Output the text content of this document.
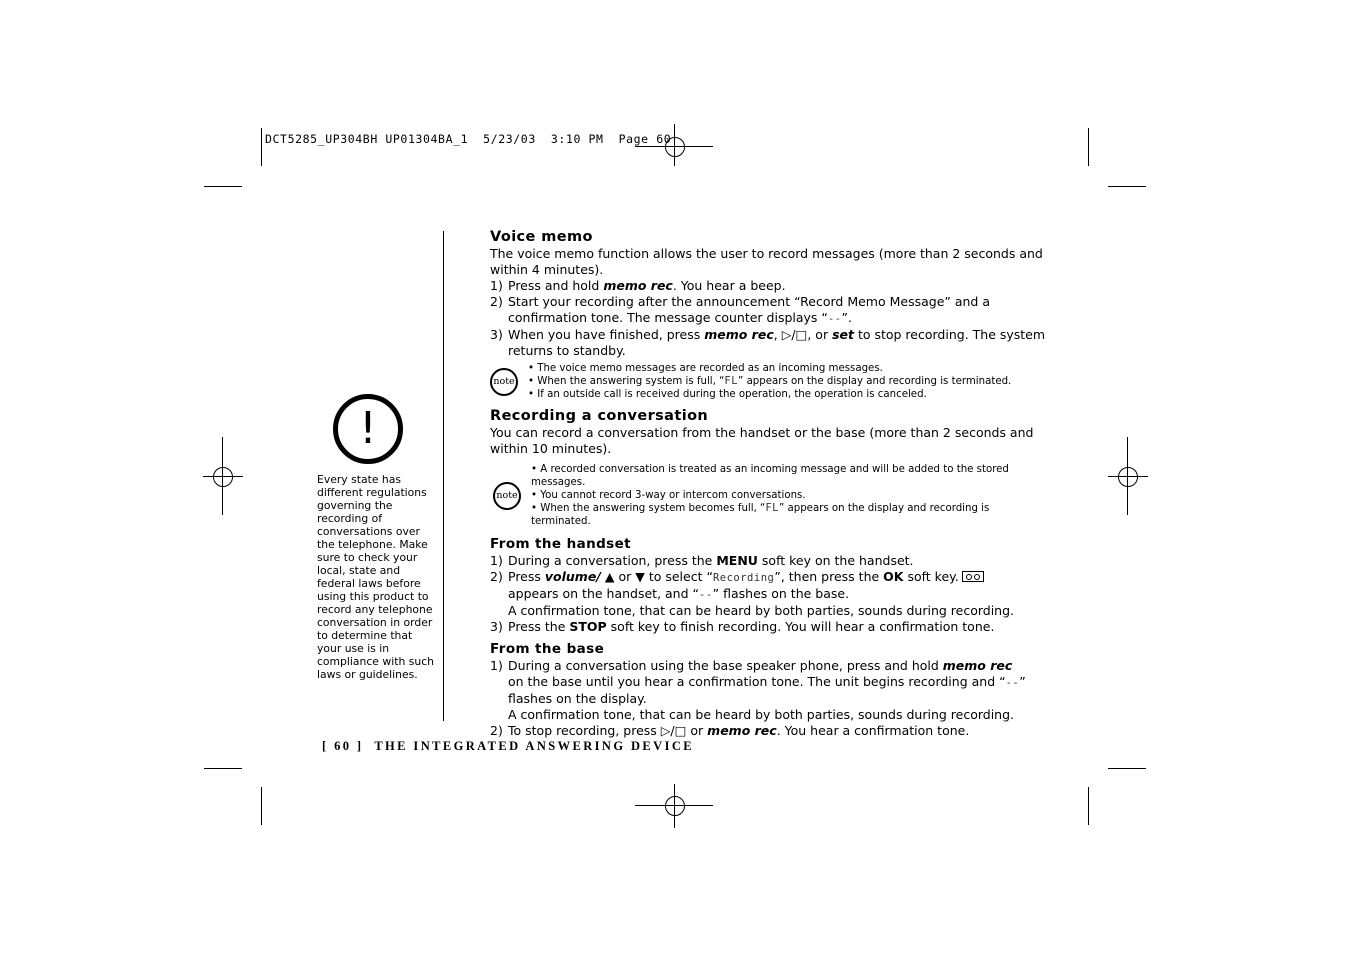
DCT5285_UP304BH UP01304BA_1  5/23/03  3:10 PM  Page 60
!
Every state has different regulations governing the recording of conversations over the telephone. Make sure to check your local, state and federal laws before using this product to record any telephone conversation in order to determine that your use is in compliance with such laws or guidelines.
Voice memo

The voice memo function allows the user to record messages (more than 2 seconds and within 4 minutes).

1) Press and hold memo rec. You hear a beep.
2) Start your recording after the announcement “Record Memo Message” and a confirmation tone. The message counter displays “--”.
3) When you have finished, press memo rec, ▷/□, or set to stop recording. The system returns to standby.
note
• The voice memo messages are recorded as an incoming messages.
• When the answering system is full, “FL” appears on the display and recording is terminated.
• If an outside call is received during the operation, the operation is canceled.
Recording a conversation

You can record a conversation from the handset or the base (more than 2 seconds and within 10 minutes).

note
• A recorded conversation is treated as an incoming message and will be added to the stored messages.
• You cannot record 3-way or intercom conversations.
• When the answering system becomes full, “FL” appears on the display and recording is terminated.
From the handset
1) During a conversation, press the MENU soft key on the handset.
2) Press volume/ ▲ or ▼ to select “Recording”, then press the OK soft key.
appears on the handset, and “--” flashes on the base.
A confirmation tone, that can be heard by both parties, sounds during recording.
3) Press the STOP soft key to finish recording. You will hear a confirmation tone.
From the base
1) During a conversation using the base speaker phone, press and hold memo rec on the base until you hear a confirmation tone. The unit begins recording and “--” flashes on the display.
A confirmation tone, that can be heard by both parties, sounds during recording.
2) To stop recording, press ▷/□ or memo rec. You hear a confirmation tone.
[ 60 ] THE INTEGRATED ANSWERING DEVICE
